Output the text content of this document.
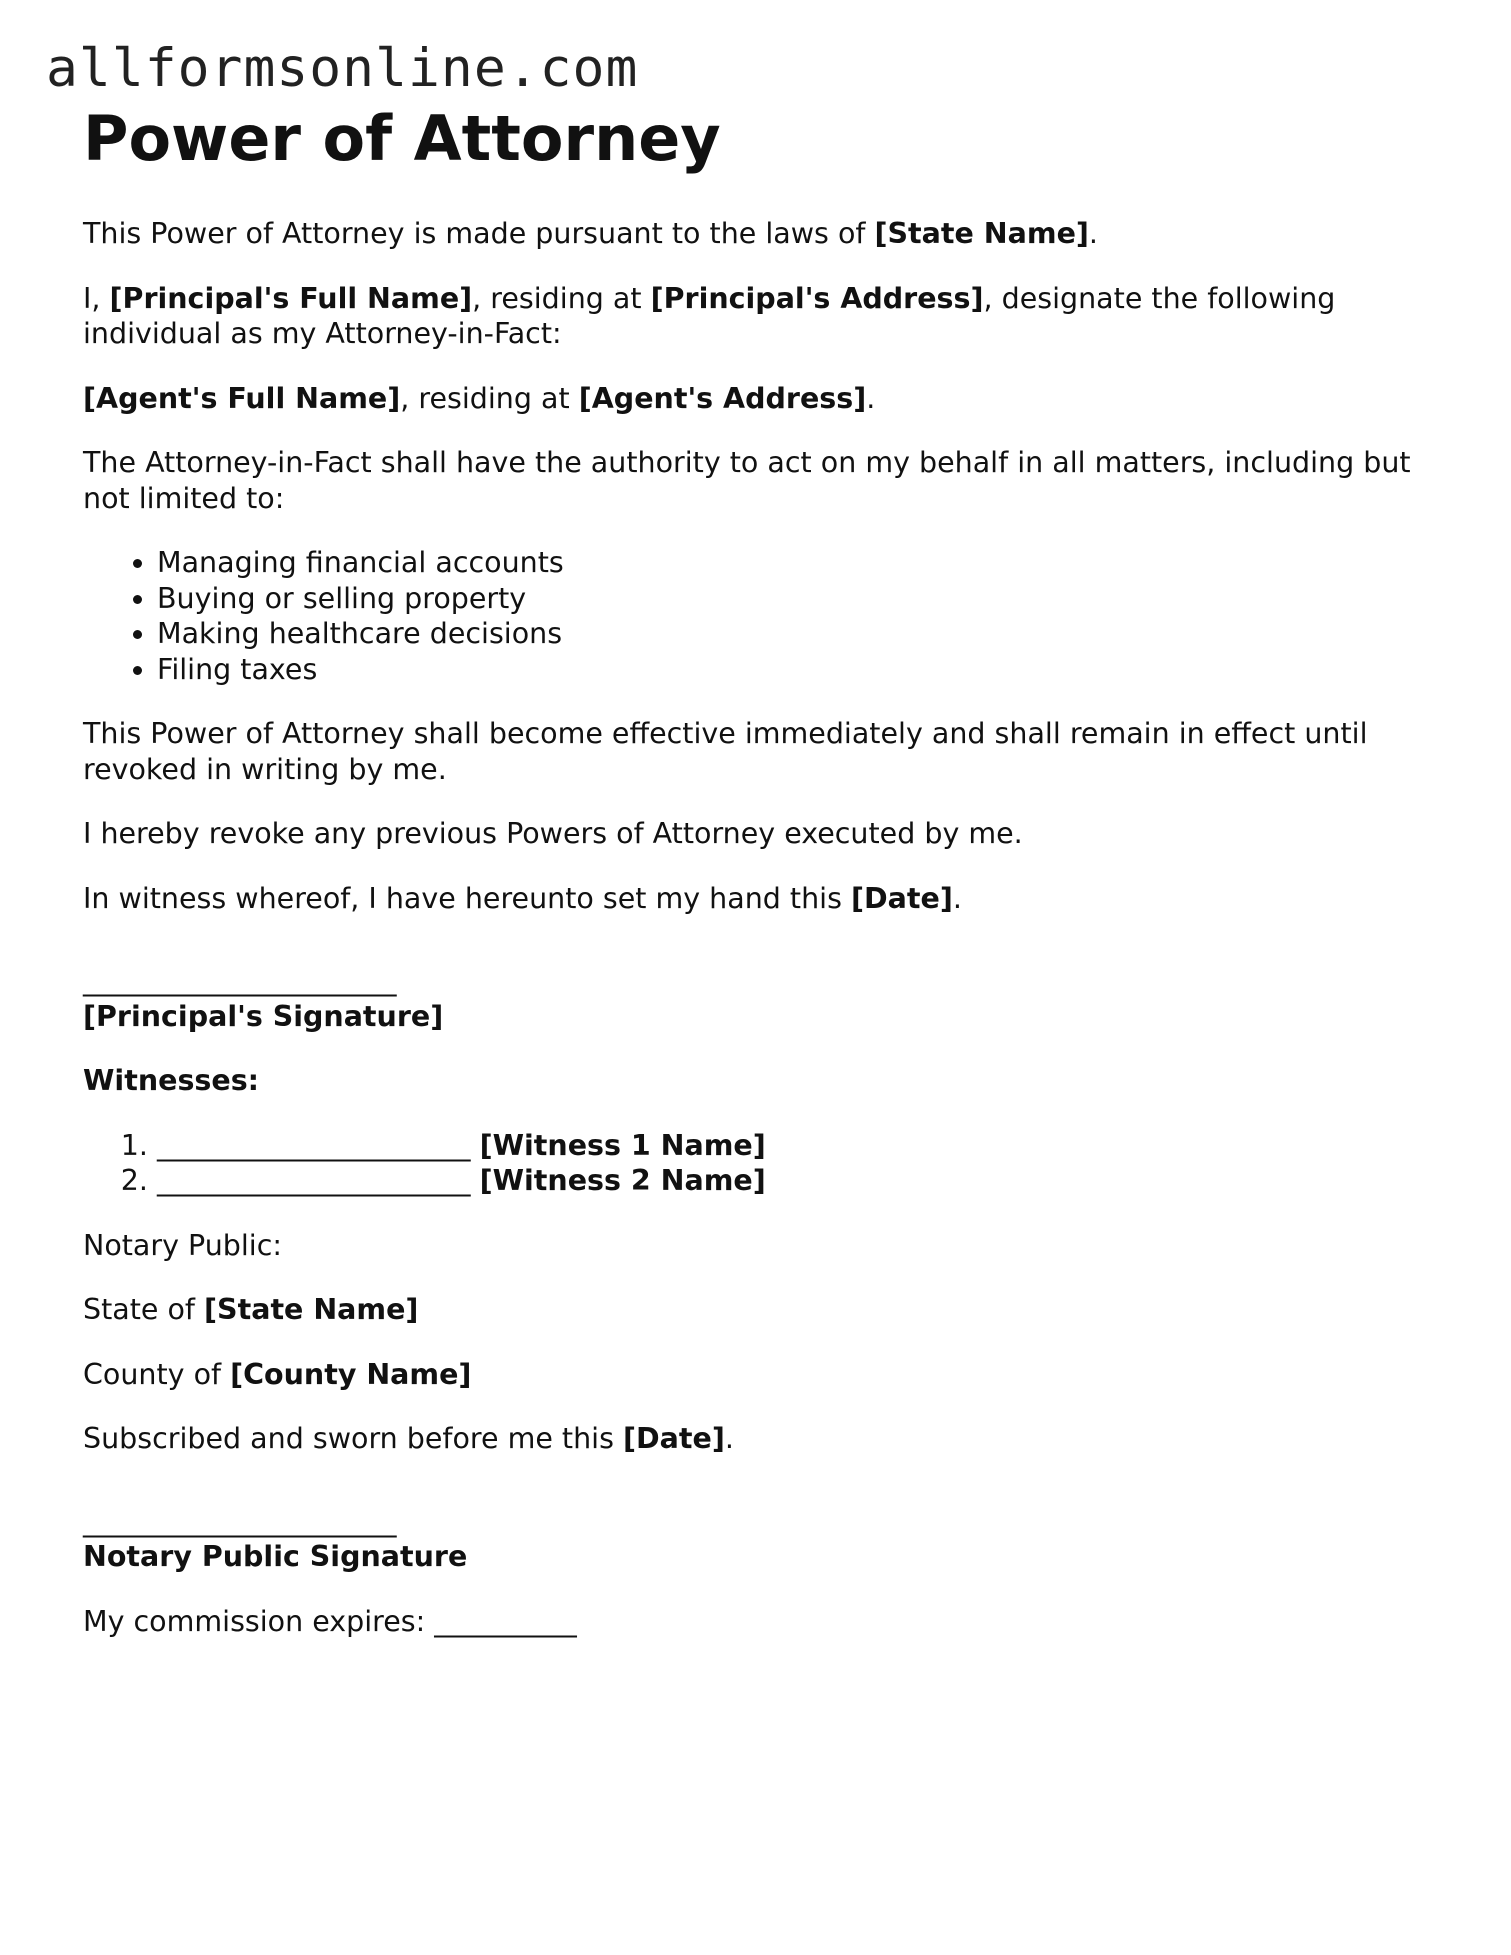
allformsonline.com
Power of Attorney

This Power of Attorney is made pursuant to the laws of [State Name].

I, [Principal's Full Name], residing at [Principal's Address], designate the following individual as my Attorney-in-Fact:

[Agent's Full Name], residing at [Agent's Address].

The Attorney-in-Fact shall have the authority to act on my behalf in all matters, including but not limited to:

• Managing financial accounts
• Buying or selling property
• Making healthcare decisions
• Filing taxes

This Power of Attorney shall become effective immediately and shall remain in effect until revoked in writing by me.

I hereby revoke any previous Powers of Attorney executed by me.

In witness whereof, I have hereunto set my hand this [Date].

______________________
[Principal's Signature]

Witnesses:

1. ______________________ [Witness 1 Name]
2. ______________________ [Witness 2 Name]

Notary Public:

State of [State Name]

County of [County Name]

Subscribed and sworn before me this [Date].

______________________
Notary Public Signature

My commission expires: __________
